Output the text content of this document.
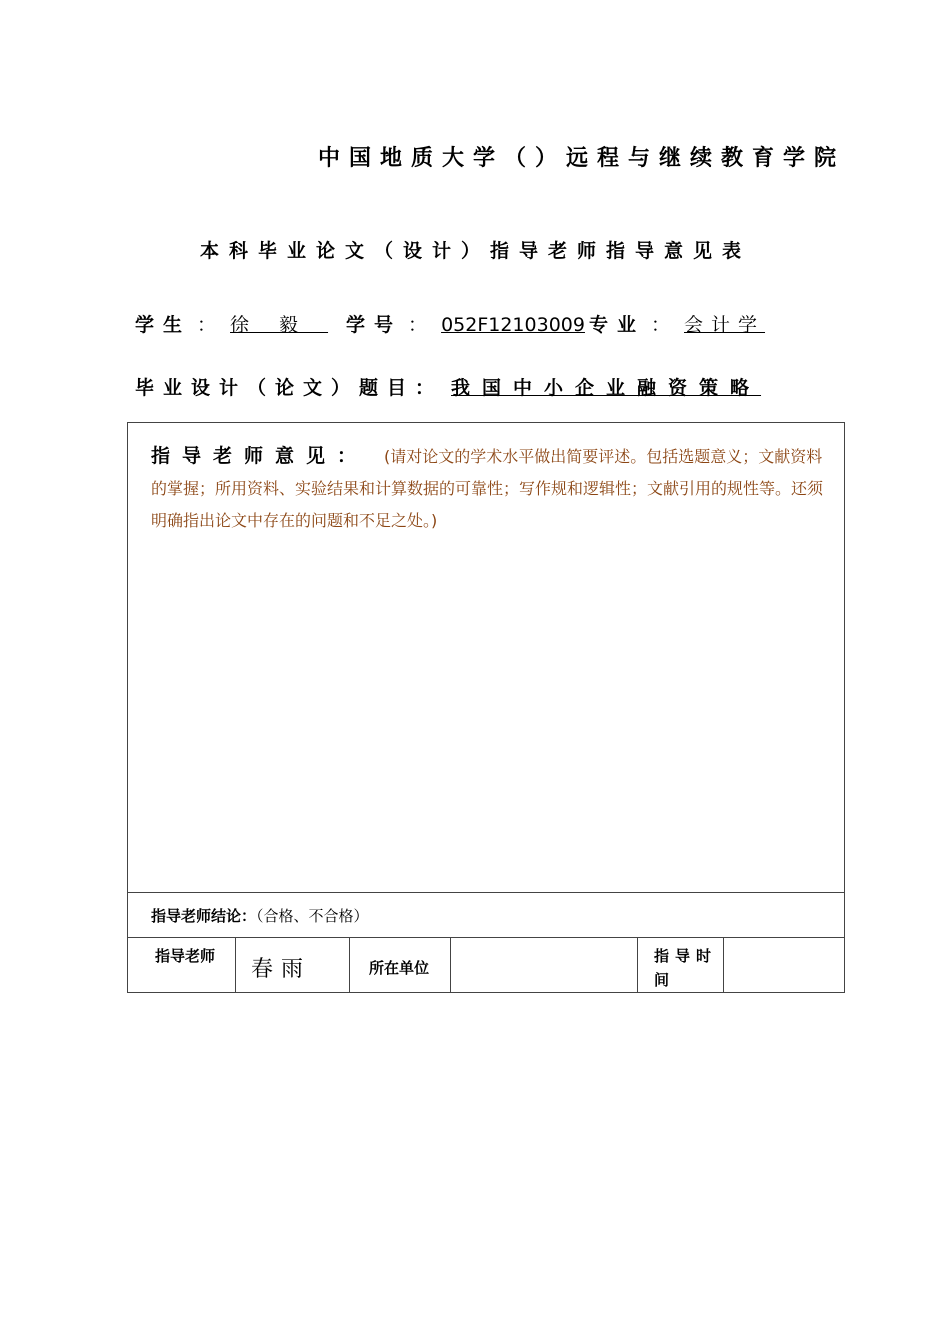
中国地质大学（）远程与继续教育学院
本科毕业论文（设计）指导老师指导意见表
学生 ：徐毅 学号 ：052F12103009 专业 ：会计学
毕业设计（论文）题目： 我国中小企业融资策略
指导老师意见： (请对论文的学术水平做出简要评述。包括选题意义；文献资料的掌握；所用资料、实验结果和计算数据的可靠性；写作规和逻辑性；文献引用的规性等。还须明确指出论文中存在的问题和不足之处。)
指导老师结论：（合格、不合格）
指导老师
春雨	所在单位
指导时间
